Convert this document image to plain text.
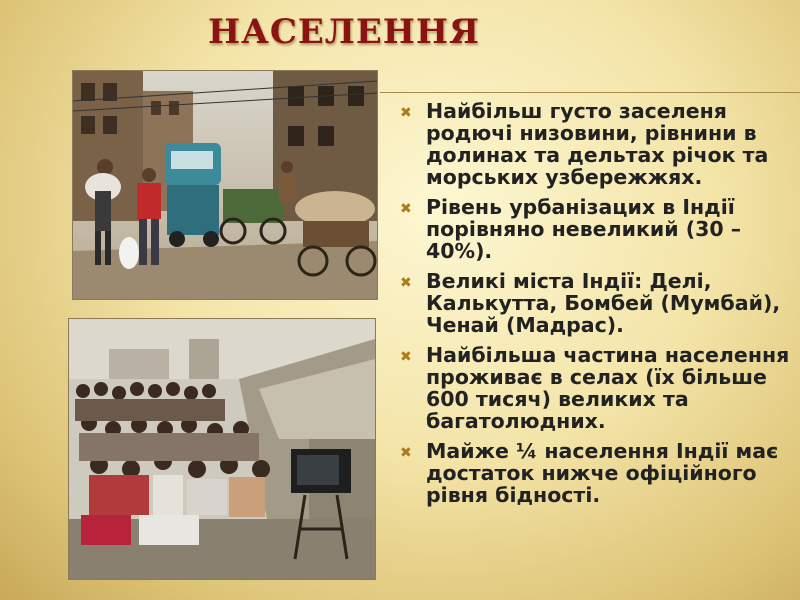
НАСЕЛЕННЯ
✖ Найбільш густо заселеня родючі низовини, рівнини в долинах та дельтах річок та морських узбережжях.
✖ Рівень урбанізацих в Індії порівняно невеликий (30 – 40%).
✖ Великі міста Індії: Делі, Калькутта, Бомбей (Мумбай), Ченай (Мадрас).
✖ Найбільша частина населення проживає в селах (їх більше 600 тисяч) великих та багатолюдних.
✖ Майже ¼ населення Індії має достаток нижче офіційного рівня бідності.
